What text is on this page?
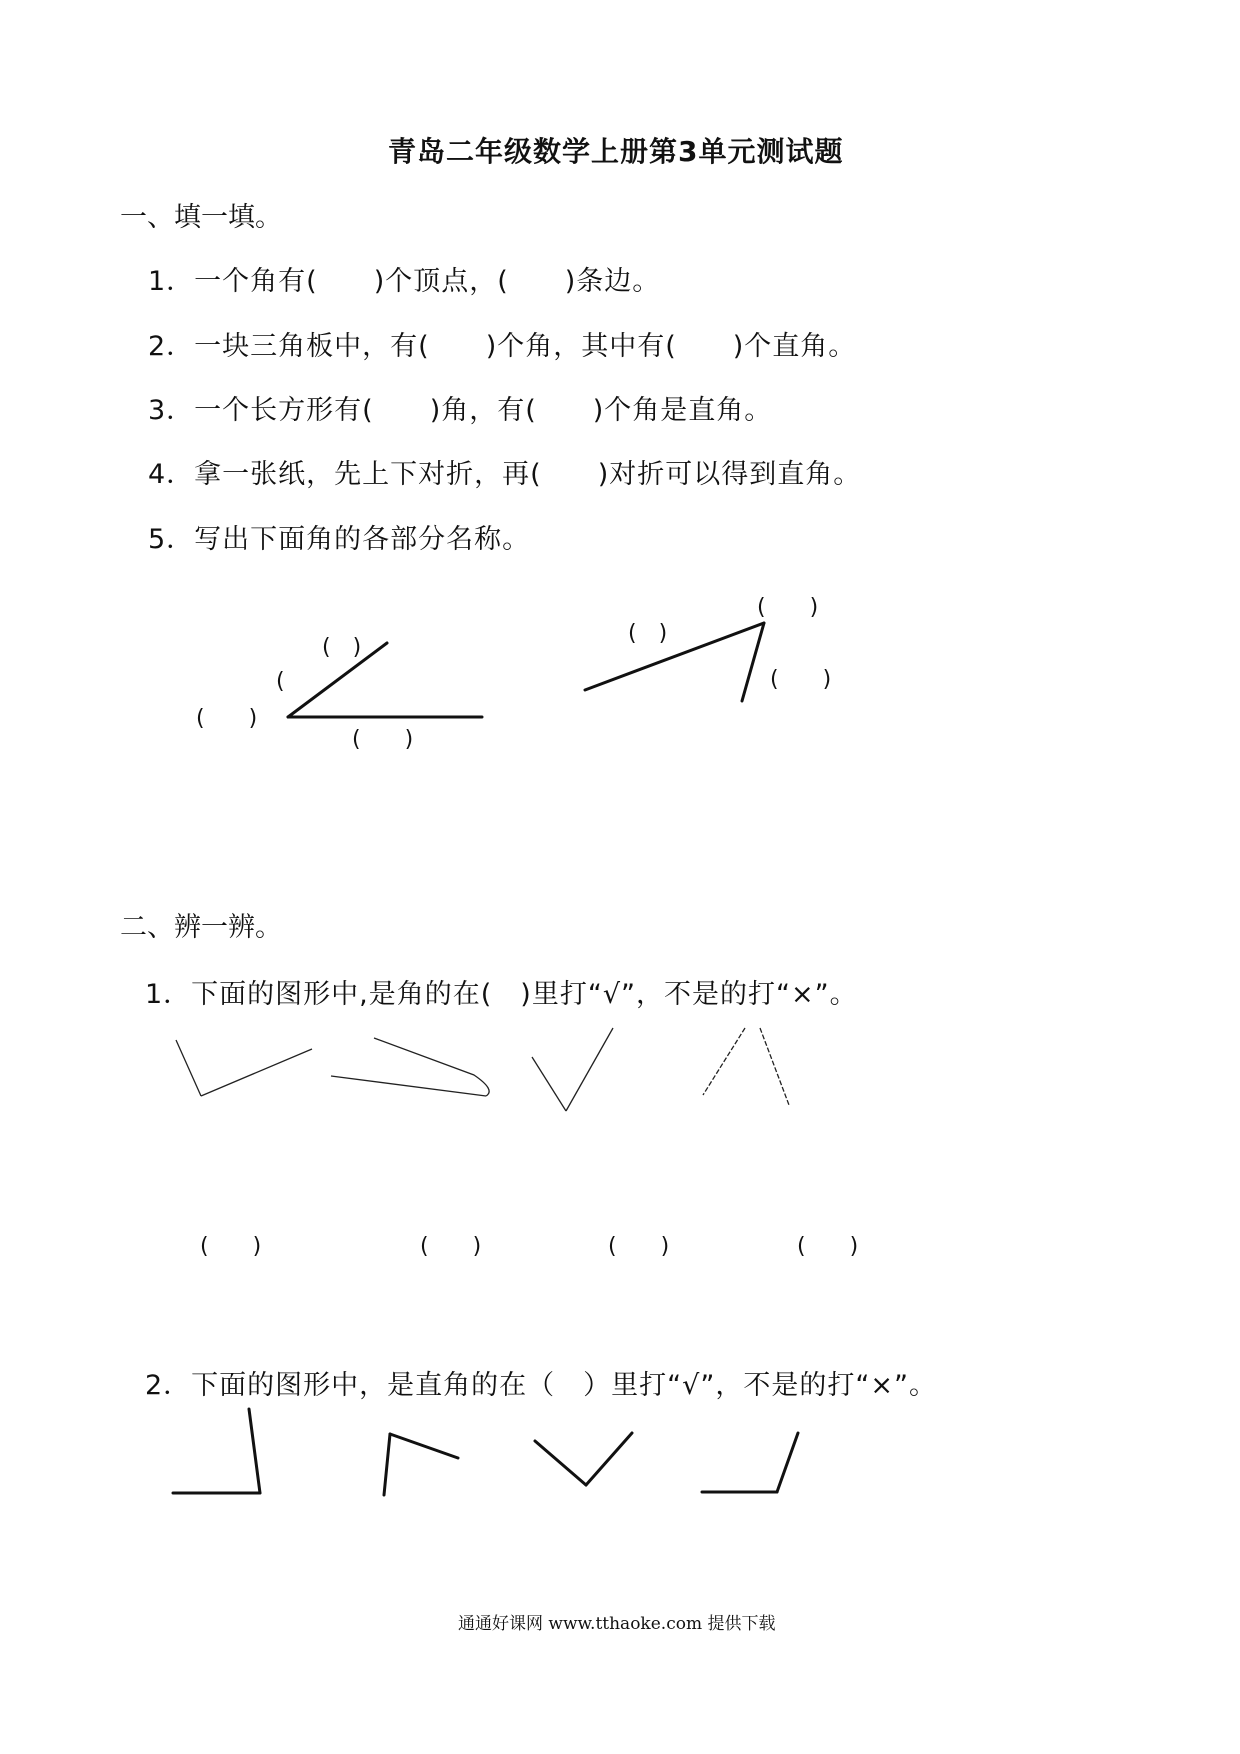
青岛二年级数学上册第3单元测试题
一、填一填。
1．一个角有(　　)个顶点，(　　)条边。
2．一块三角板中，有(　　)个角，其中有(　　)个直角。
3．一个长方形有(　　)角，有(　　)个角是直角。
4．拿一张纸，先上下对折，再(　　)对折可以得到直角。
5．写出下面角的各部分名称。
(　)
(
(　　)
(　　)
(　)
(　　)
(　　)
二、辨一辨。
1．下面的图形中,是角的在(　)里打“√”，不是的打“×”。
(　　)	(　　)	(　　)	(　　)
2．下面的图形中，是直角的在（　）里打“√”，不是的打“×”。
通通好课网 www.tthaoke.com 提供下载
